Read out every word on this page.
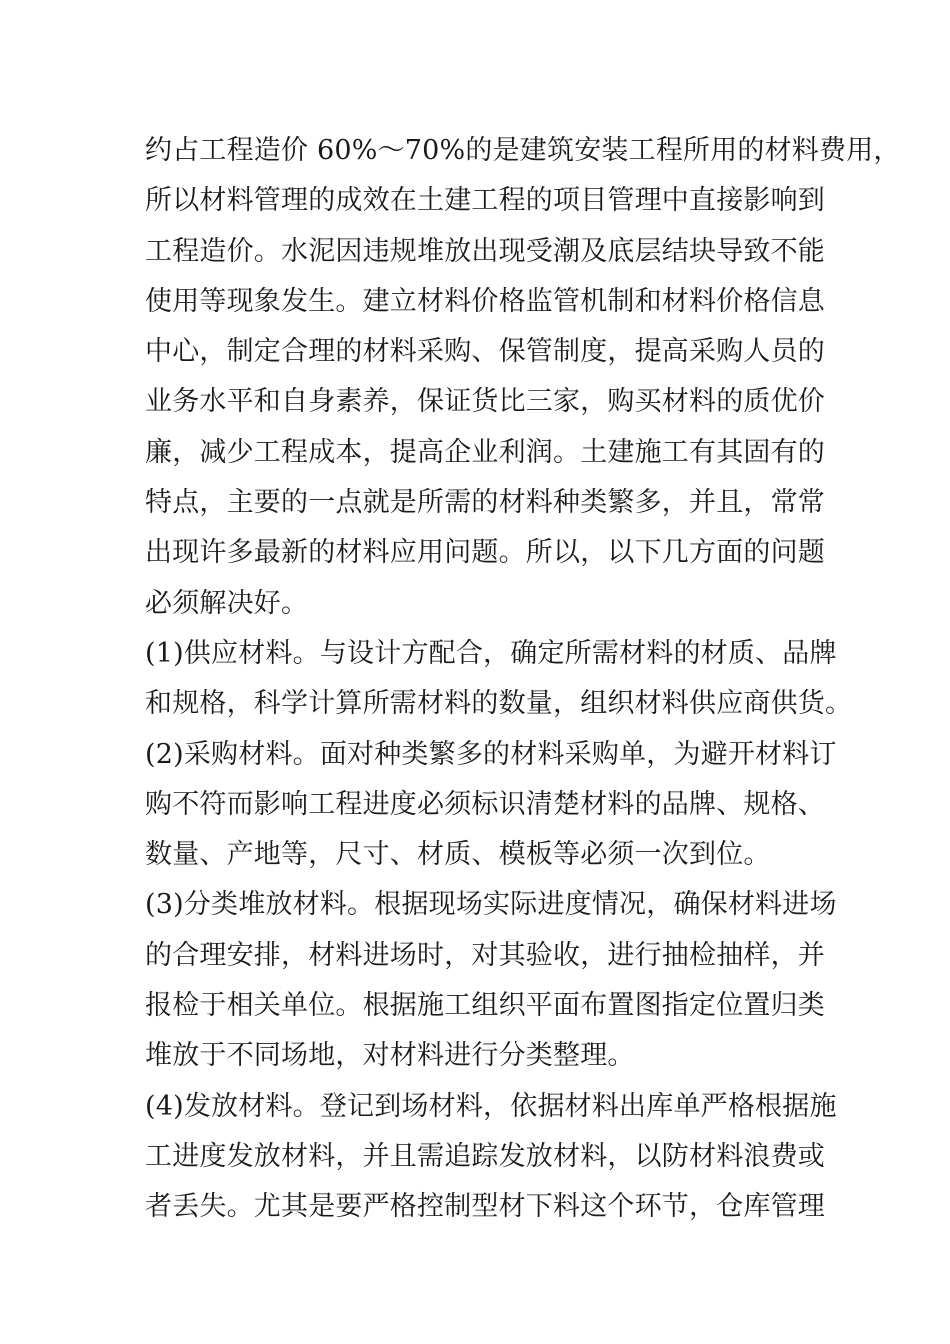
约占工程造价 60%～70%的是建筑安装工程所用的材料费用，
所以材料管理的成效在土建工程的项目管理中直接影响到
工程造价。水泥因违规堆放出现受潮及底层结块导致不能
使用等现象发生。建立材料价格监管机制和材料价格信息
中心，制定合理的材料采购、保管制度，提高采购人员的
业务水平和自身素养，保证货比三家，购买材料的质优价
廉，减少工程成本，提高企业利润。土建施工有其固有的
特点，主要的一点就是所需的材料种类繁多，并且，常常
出现许多最新的材料应用问题。所以，以下几方面的问题
必须解决好。
(1)供应材料。与设计方配合，确定所需材料的材质、品牌
和规格，科学计算所需材料的数量，组织材料供应商供货。
(2)采购材料。面对种类繁多的材料采购单，为避开材料订
购不符而影响工程进度必须标识清楚材料的品牌、规格、
数量、产地等，尺寸、材质、模板等必须一次到位。
(3)分类堆放材料。根据现场实际进度情况，确保材料进场
的合理安排，材料进场时，对其验收，进行抽检抽样，并
报检于相关单位。根据施工组织平面布置图指定位置归类
堆放于不同场地，对材料进行分类整理。
(4)发放材料。登记到场材料，依据材料出库单严格根据施
工进度发放材料，并且需追踪发放材料，以防材料浪费或
者丢失。尤其是要严格控制型材下料这个环节，仓库管理
